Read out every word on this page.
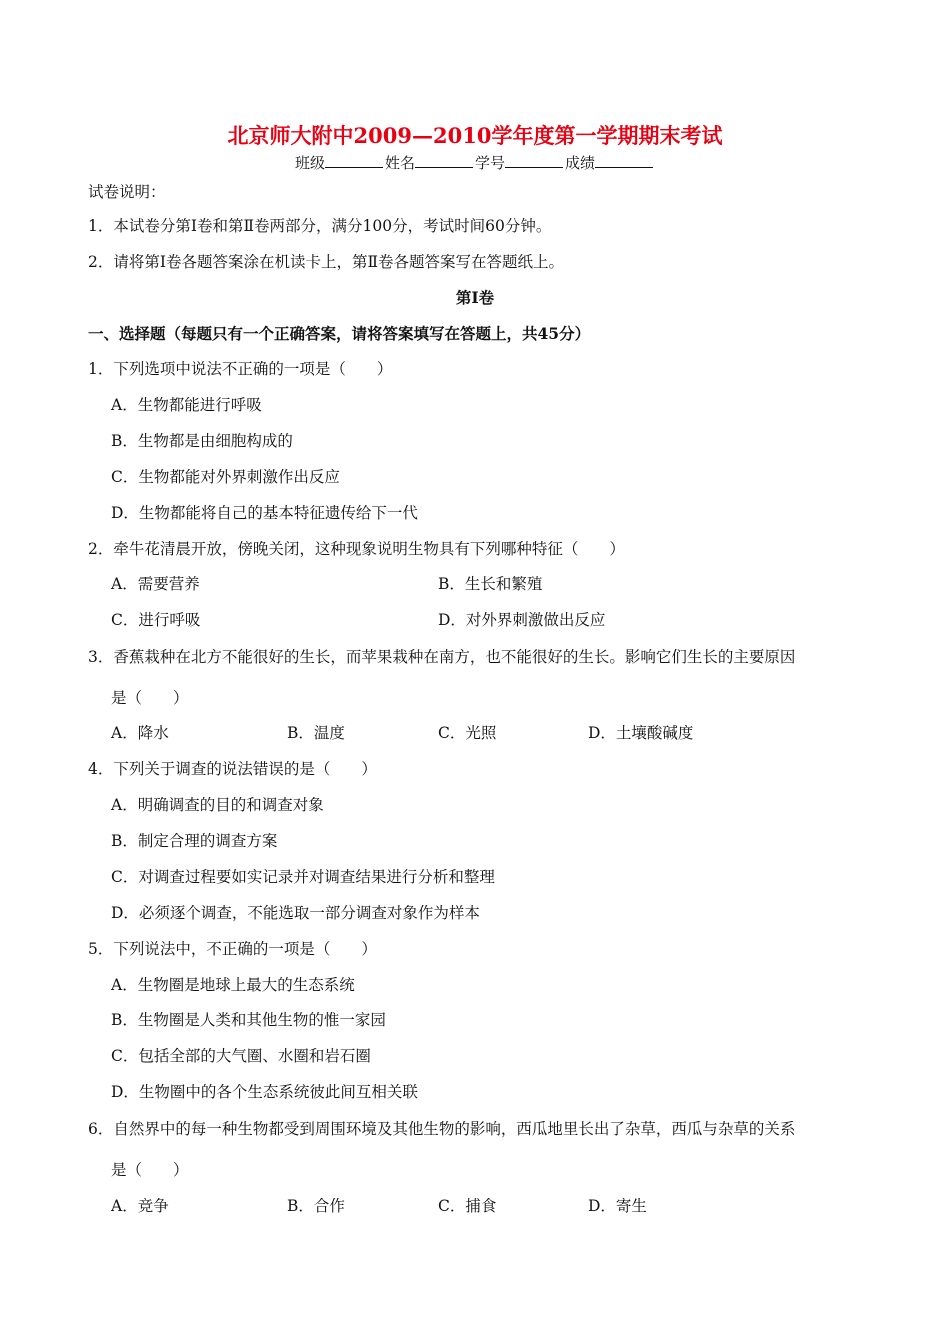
北京师大附中2009—2010学年度第一学期期末考试
班级	姓名	学号	成绩
试卷说明：
1．本试卷分第Ⅰ卷和第Ⅱ卷两部分，满分100分，考试时间60分钟。
2．请将第Ⅰ卷各题答案涂在机读卡上，第Ⅱ卷各题答案写在答题纸上。
第Ⅰ卷
一、选择题（每题只有一个正确答案，请将答案填写在答题上，共45分）
1．下列选项中说法不正确的一项是（　　）
A．生物都能进行呼吸
B．生物都是由细胞构成的
C．生物都能对外界刺激作出反应
D．生物都能将自己的基本特征遗传给下一代
2．牵牛花清晨开放，傍晚关闭，这种现象说明生物具有下列哪种特征（　　）
A．需要营养	B．生长和繁殖
C．进行呼吸	D．对外界刺激做出反应
3．香蕉栽种在北方不能很好的生长，而苹果栽种在南方，也不能很好的生长。影响它们生长的主要原因
是（　　）
A．降水	B．温度	C．光照	D．土壤酸碱度
4．下列关于调查的说法错误的是（　　）
A．明确调查的目的和调查对象
B．制定合理的调查方案
C．对调查过程要如实记录并对调查结果进行分析和整理
D．必须逐个调查，不能选取一部分调查对象作为样本
5．下列说法中，不正确的一项是（　　）
A．生物圈是地球上最大的生态系统
B．生物圈是人类和其他生物的惟一家园
C．包括全部的大气圈、水圈和岩石圈
D．生物圈中的各个生态系统彼此间互相关联
6．自然界中的每一种生物都受到周围环境及其他生物的影响，西瓜地里长出了杂草，西瓜与杂草的关系
是（　　）
A．竞争	B．合作	C．捕食	D．寄生
